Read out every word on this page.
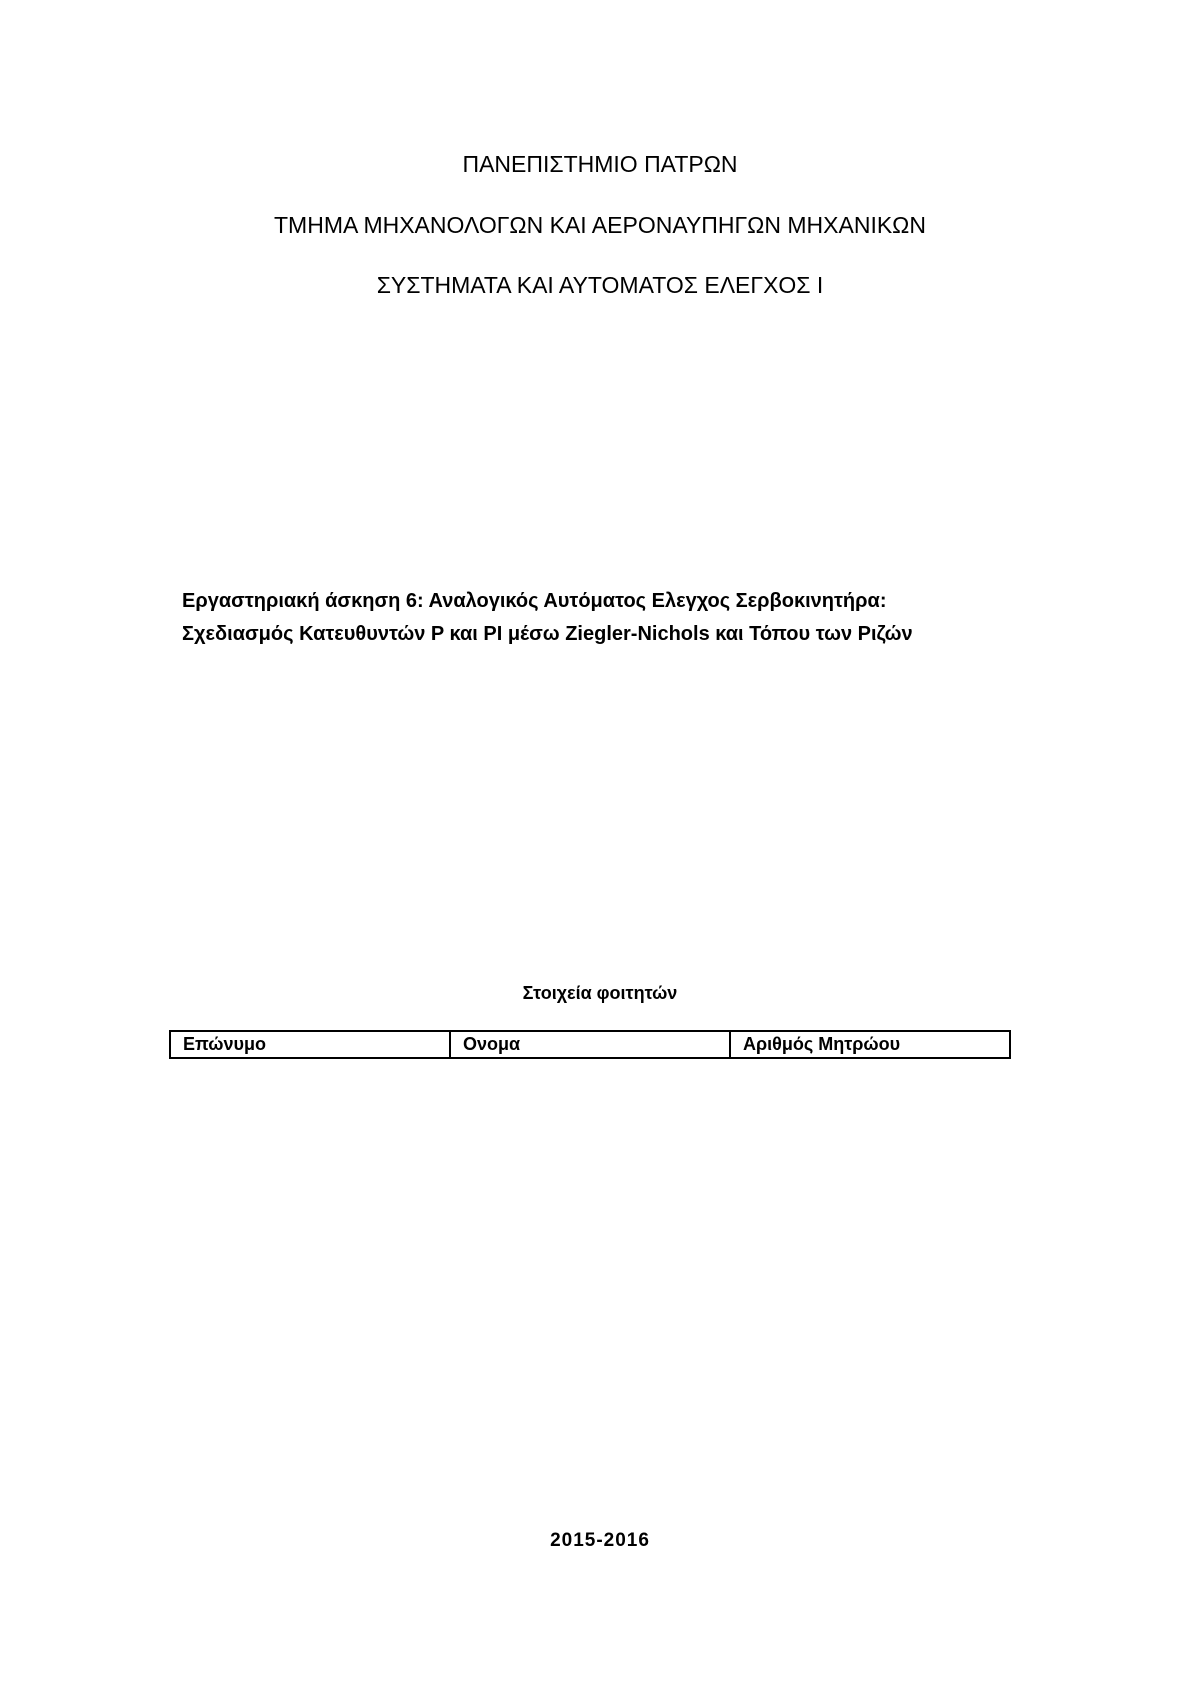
ΠΑΝΕΠΙΣΤΗΜΙΟ ΠΑΤΡΩΝ
ΤΜΗΜΑ ΜΗΧΑΝΟΛΟΓΩΝ ΚΑΙ ΑΕΡΟΝΑΥΠΗΓΩΝ ΜΗΧΑΝΙΚΩΝ
ΣΥΣΤΗΜΑΤΑ ΚΑΙ ΑΥΤΟΜΑΤΟΣ ΕΛΕΓΧΟΣ Ι
Εργαστηριακή άσκηση 6: Αναλογικός Αυτόματος Ελεγχος Σερβοκινητήρα:
Σχεδιασμός Κατευθυντών P και PI μέσω Ziegler-Nichols και Τόπου των Ριζών
Στοιχεία φοιτητών
Επώνυμο	Ονομα	Αριθμός Μητρώου
2015-2016
